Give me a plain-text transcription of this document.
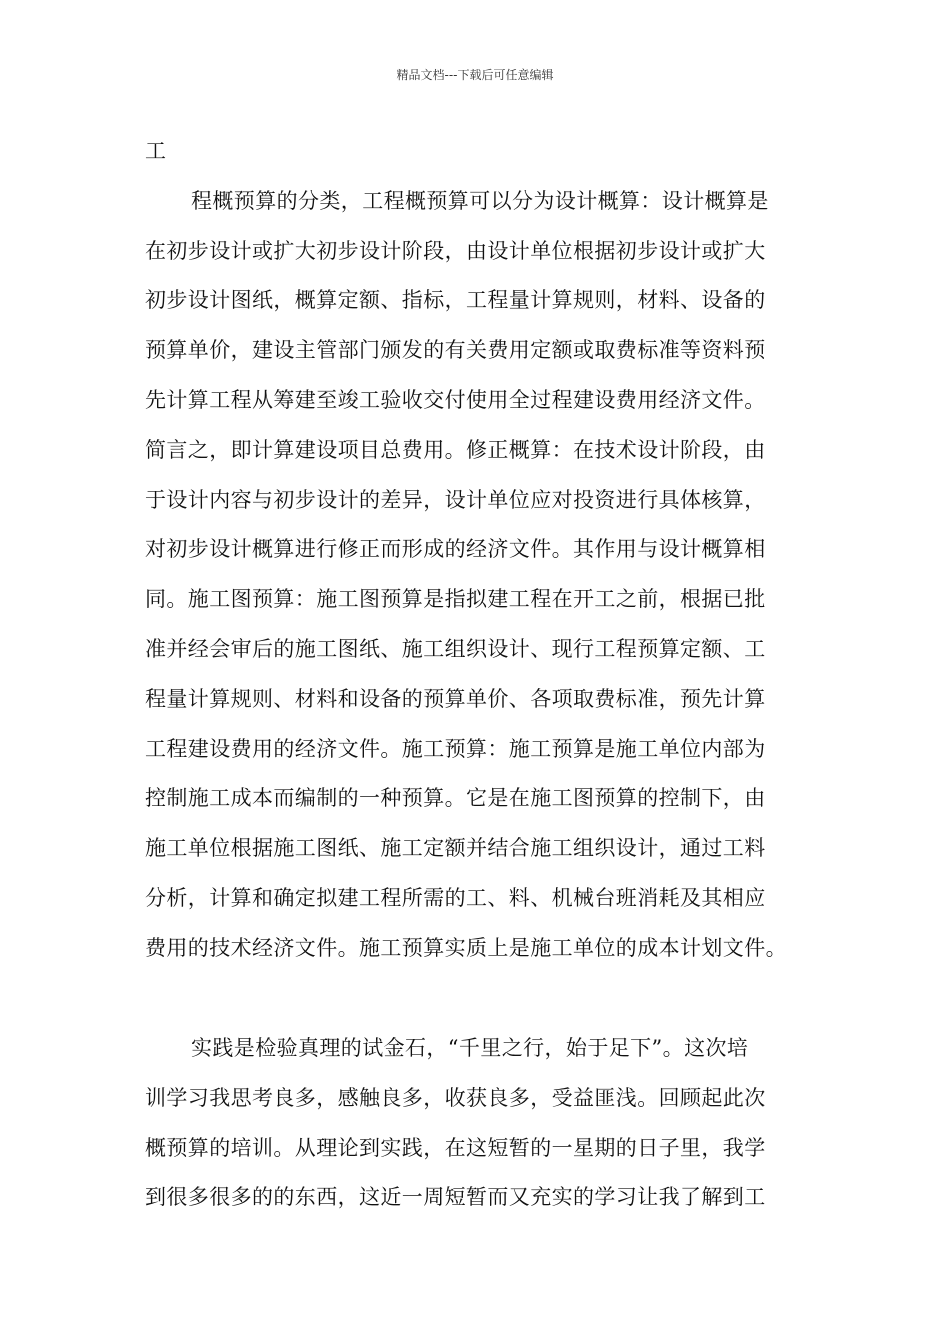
精品文档---下载后可任意编辑
工
程概预算的分类，工程概预算可以分为设计概算：设计概算是
在初步设计或扩大初步设计阶段，由设计单位根据初步设计或扩大
初步设计图纸，概算定额、指标，工程量计算规则，材料、设备的
预算单价，建设主管部门颁发的有关费用定额或取费标准等资料预
先计算工程从筹建至竣工验收交付使用全过程建设费用经济文件。
简言之，即计算建设项目总费用。修正概算：在技术设计阶段，由
于设计内容与初步设计的差异，设计单位应对投资进行具体核算，
对初步设计概算进行修正而形成的经济文件。其作用与设计概算相
同。施工图预算：施工图预算是指拟建工程在开工之前，根据已批
准并经会审后的施工图纸、施工组织设计、现行工程预算定额、工
程量计算规则、材料和设备的预算单价、各项取费标准，预先计算
工程建设费用的经济文件。施工预算：施工预算是施工单位内部为
控制施工成本而编制的一种预算。它是在施工图预算的控制下，由
施工单位根据施工图纸、施工定额并结合施工组织设计，通过工料
分析，计算和确定拟建工程所需的工、料、机械台班消耗及其相应
费用的技术经济文件。施工预算实质上是施工单位的成本计划文件。
实践是检验真理的试金石，“千里之行，始于足下”。这次培
训学习我思考良多，感触良多，收获良多，受益匪浅。回顾起此次
概预算的培训。从理论到实践，在这短暂的一星期的日子里，我学
到很多很多的的东西，这近一周短暂而又充实的学习让我了解到工
